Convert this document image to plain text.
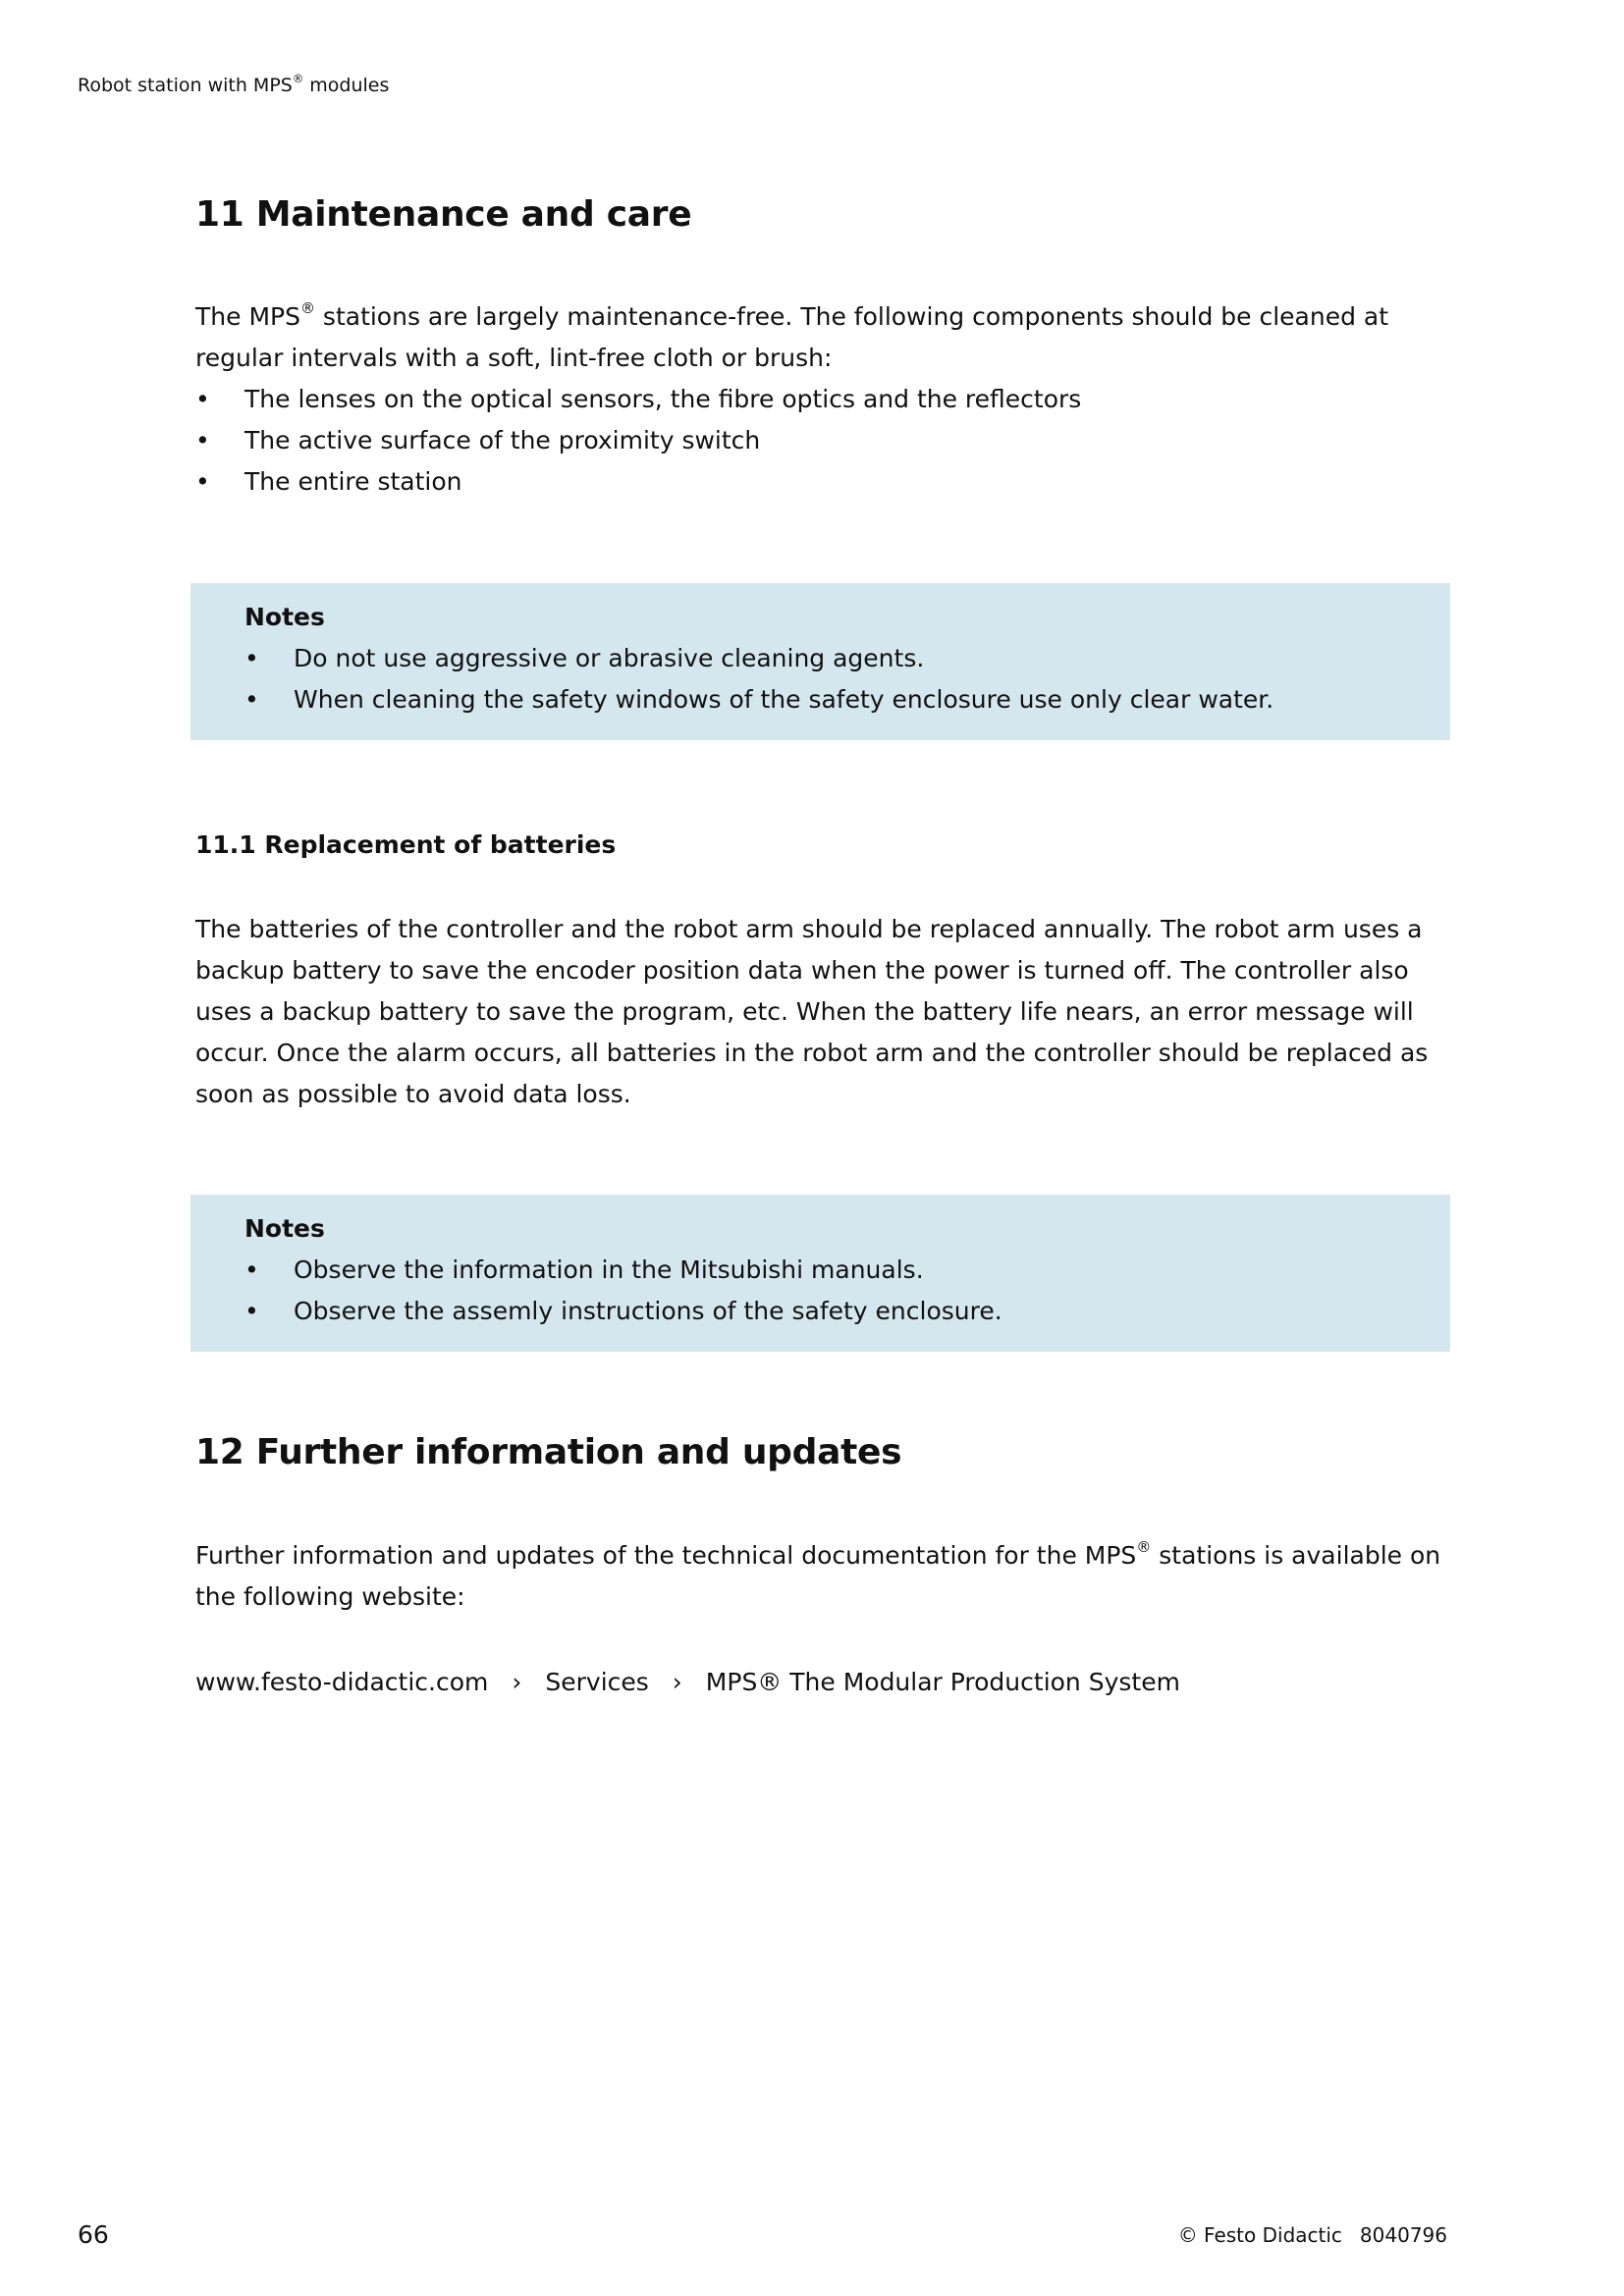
Robot station with MPS® modules
11 Maintenance and care

The MPS® stations are largely maintenance-free. The following components should be cleaned at regular intervals with a soft, lint-free cloth or brush:

• The lenses on the optical sensors, the fibre optics and the reflectors
• The active surface of the proximity switch
• The entire station
Notes
• Do not use aggressive or abrasive cleaning agents.
• When cleaning the safety windows of the safety enclosure use only clear water.
11.1 Replacement of batteries

The batteries of the controller and the robot arm should be replaced annually. The robot arm uses a backup battery to save the encoder position data when the power is turned off. The controller also uses a backup battery to save the program, etc. When the battery life nears, an error message will occur. Once the alarm occurs, all batteries in the robot arm and the controller should be replaced as soon as possible to avoid data loss.

Notes
• Observe the information in the Mitsubishi manuals.
• Observe the assemly instructions of the safety enclosure.
12 Further information and updates

Further information and updates of the technical documentation for the MPS® stations is available on the following website:

www.festo-didactic.com › Services › MPS® The Modular Production System
66	© Festo Didactic 8040796
